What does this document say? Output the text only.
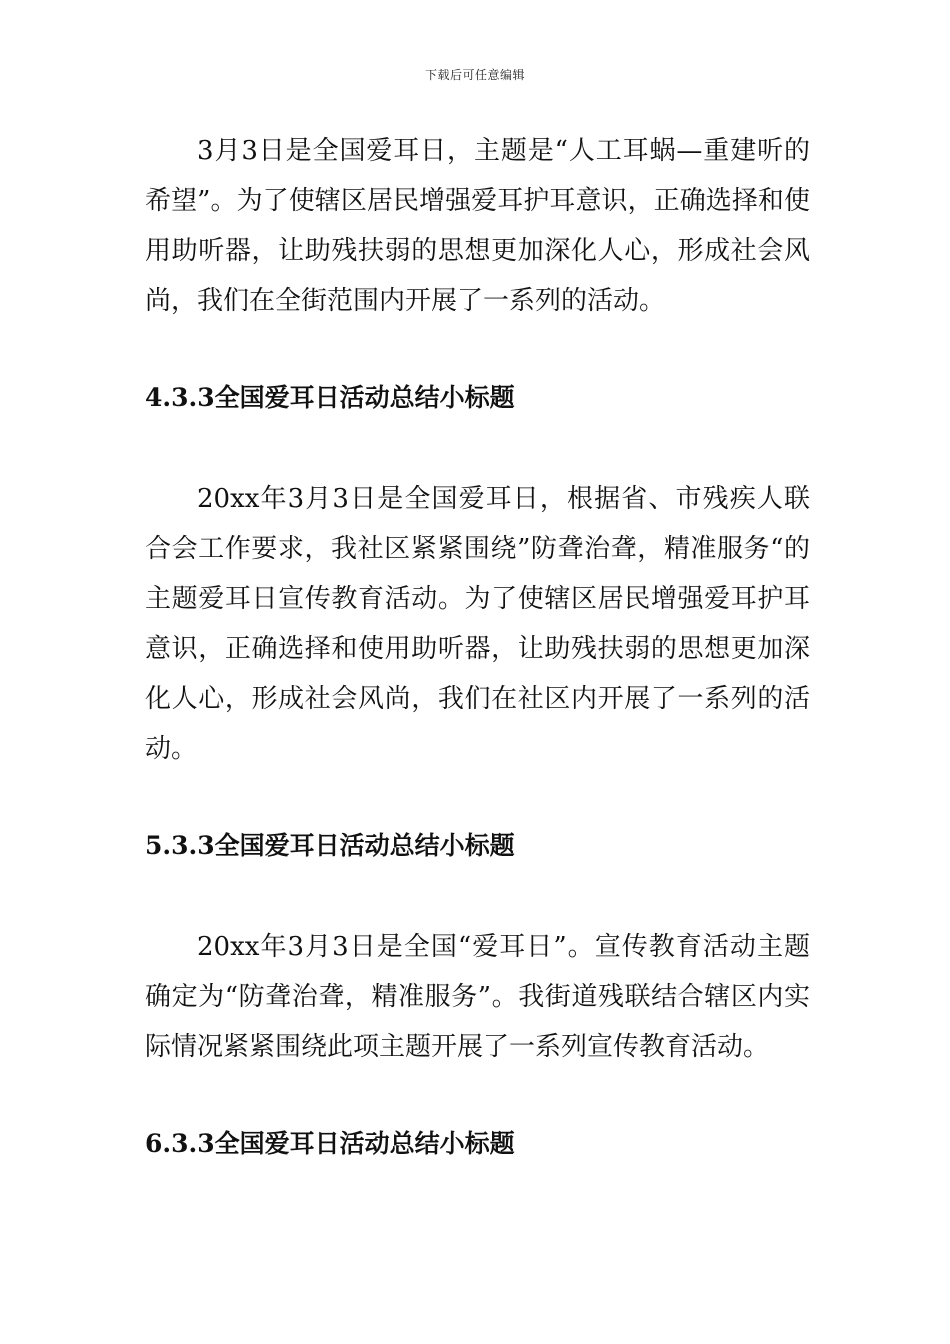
下载后可任意编辑

3月3日是全国爱耳日，主题是“人工耳蜗—重建听的希望”。为了使辖区居民增强爱耳护耳意识，正确选择和使用助听器，让助残扶弱的思想更加深化人心，形成社会风尚，我们在全街范围内开展了一系列的活动。

4.3.3全国爱耳日活动总结小标题

20xx年3月3日是全国爱耳日，根据省、市残疾人联合会工作要求，我社区紧紧围绕”防聋治聋，精准服务“的主题爱耳日宣传教育活动。为了使辖区居民增强爱耳护耳意识，正确选择和使用助听器，让助残扶弱的思想更加深化人心，形成社会风尚，我们在社区内开展了一系列的活动。

5.3.3全国爱耳日活动总结小标题

20xx年3月3日是全国“爱耳日”。宣传教育活动主题确定为“防聋治聋，精准服务”。我街道残联结合辖区内实际情况紧紧围绕此项主题开展了一系列宣传教育活动。

6.3.3全国爱耳日活动总结小标题
